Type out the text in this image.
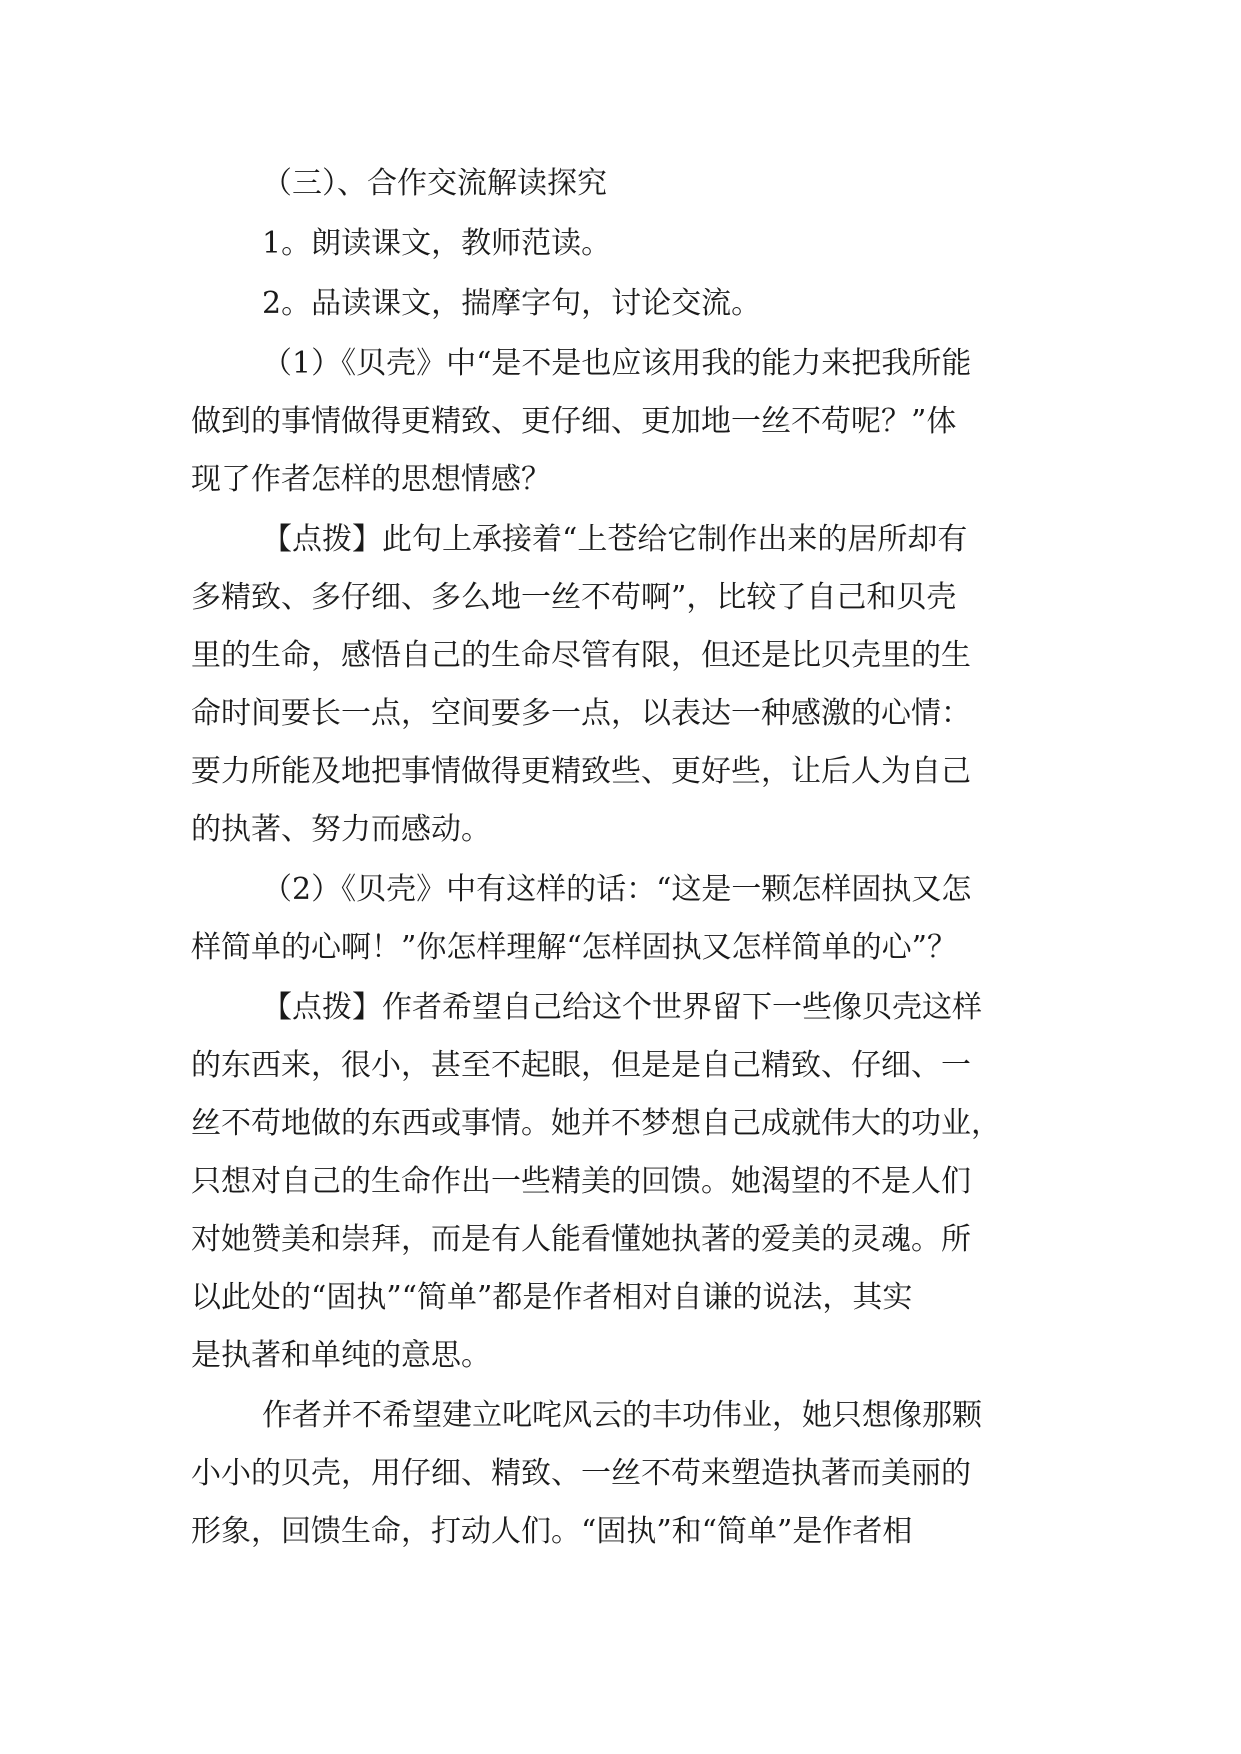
（三）、合作交流解读探究
1。朗读课文，教师范读。
2。品读课文，揣摩字句，讨论交流。
（1）《贝壳》中“是不是也应该用我的能力来把我所能
做到的事情做得更精致、更仔细、更加地一丝不苟呢？”体
现了作者怎样的思想情感？
【点拨】此句上承接着“上苍给它制作出来的居所却有
多精致、多仔细、多么地一丝不苟啊”，比较了自己和贝壳
里的生命，感悟自己的生命尽管有限，但还是比贝壳里的生
命时间要长一点，空间要多一点，以表达一种感激的心情：
要力所能及地把事情做得更精致些、更好些，让后人为自己
的执著、努力而感动。
（2）《贝壳》中有这样的话：“这是一颗怎样固执又怎
样简单的心啊！”你怎样理解“怎样固执又怎样简单的心”？
【点拨】作者希望自己给这个世界留下一些像贝壳这样
的东西来，很小，甚至不起眼，但是是自己精致、仔细、一
丝不苟地做的东西或事情。她并不梦想自己成就伟大的功业，
只想对自己的生命作出一些精美的回馈。她渴望的不是人们
对她赞美和崇拜，而是有人能看懂她执著的爱美的灵魂。所
以此处的“固执”“简单”都是作者相对自谦的说法，其实
是执著和单纯的意思。
作者并不希望建立叱咤风云的丰功伟业，她只想像那颗
小小的贝壳，用仔细、精致、一丝不苟来塑造执著而美丽的
形象，回馈生命，打动人们。“固执”和“简单”是作者相
